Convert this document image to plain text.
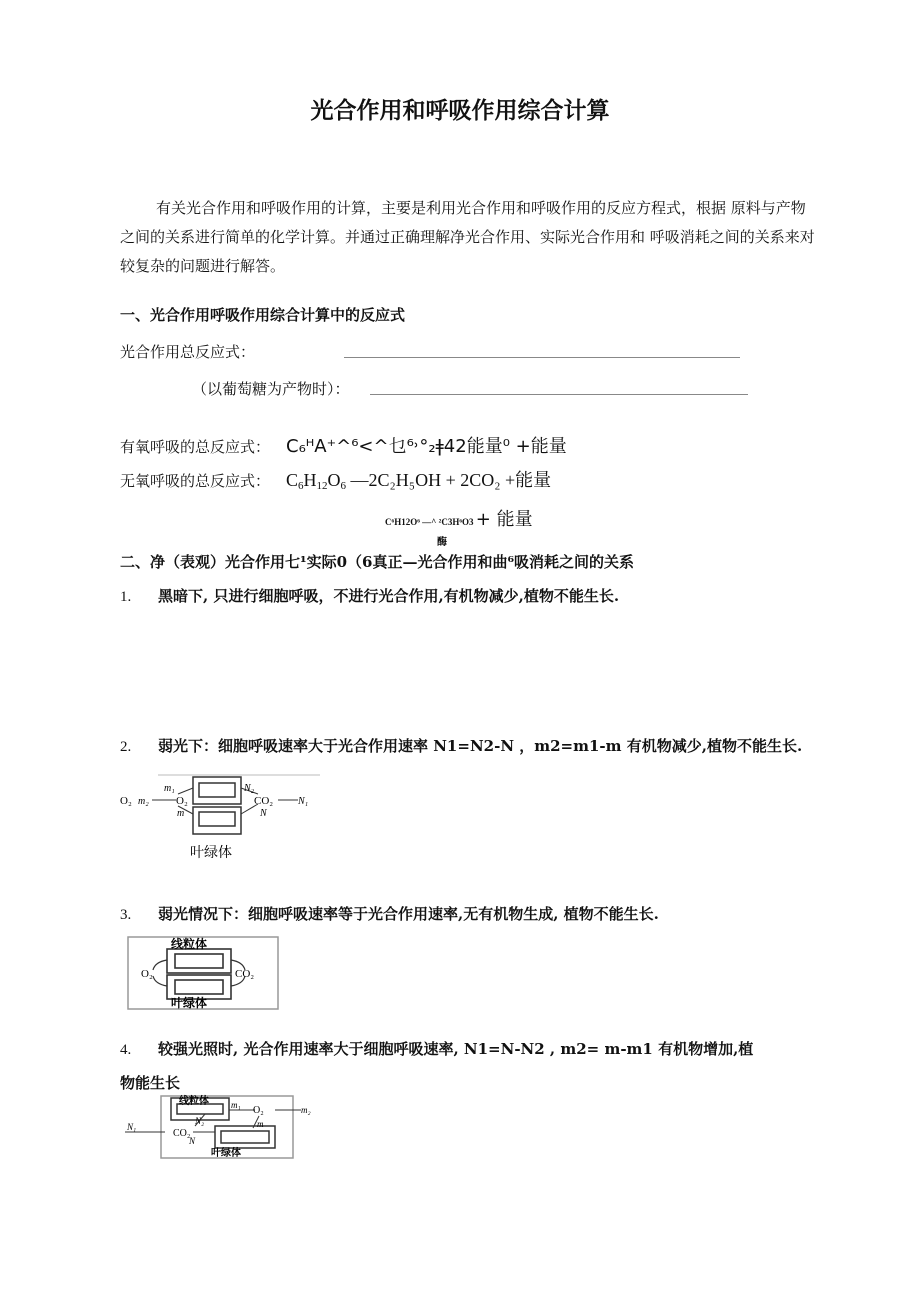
光合作用和呼吸作用综合计算
有关光合作用和呼吸作用的计算，主要是利用光合作用和呼吸作用的反应方程式，根据 原料与产物之间的关系进行简单的化学计算。并通过正确理解净光合作用、实际光合作用和 呼吸消耗之间的关系来对较复杂的问题进行解答。
一、光合作用呼吸作用综合计算中的反应式
光合作用总反应式：
（以葡萄糖为产物时）：
有氧呼吸的总反应式： C₆ᴴA⁺^⁶<^乜⁶˒°₂ǂ42能量⁰ +能量
无氧呼吸的总反应式： $C_6H_{12}O_6$ —2C₂H₅OH + 2CO₂ +能量
C⁶H12O⁶ —^ ²C3H⁶O3 + 能量
酶
二、净（表观）光合作用七¹实际0（6真正—光合作用和曲⁶吸消耗之间的关系
1. 黑暗下, 只进行细胞呼吸，不进行光合作用,有机物减少,植物不能生长.
2. 弱光下：细胞呼吸速率大于光合作用速率 N1=N2-N ，m2=m1-m 有机物减少,植物不能生长.
O₂ m₂
m₁
O₂
m
N₂
CO₂
N
N₁
叶绿体
3. 弱光情况下：细胞呼吸速率等于光合作用速率,无有机物生成, 植物不能生长.
线粒体
O₂	CO₂
叶绿体
4. 较强光照时, 光合作用速率大于细胞呼吸速率, N1=N-N2 , m2= m-m1 有机物增加,植
物能生长
线粒体
N₁
N₂
CO₂
N
m₁ O₂
m
m₂
叶绿体
